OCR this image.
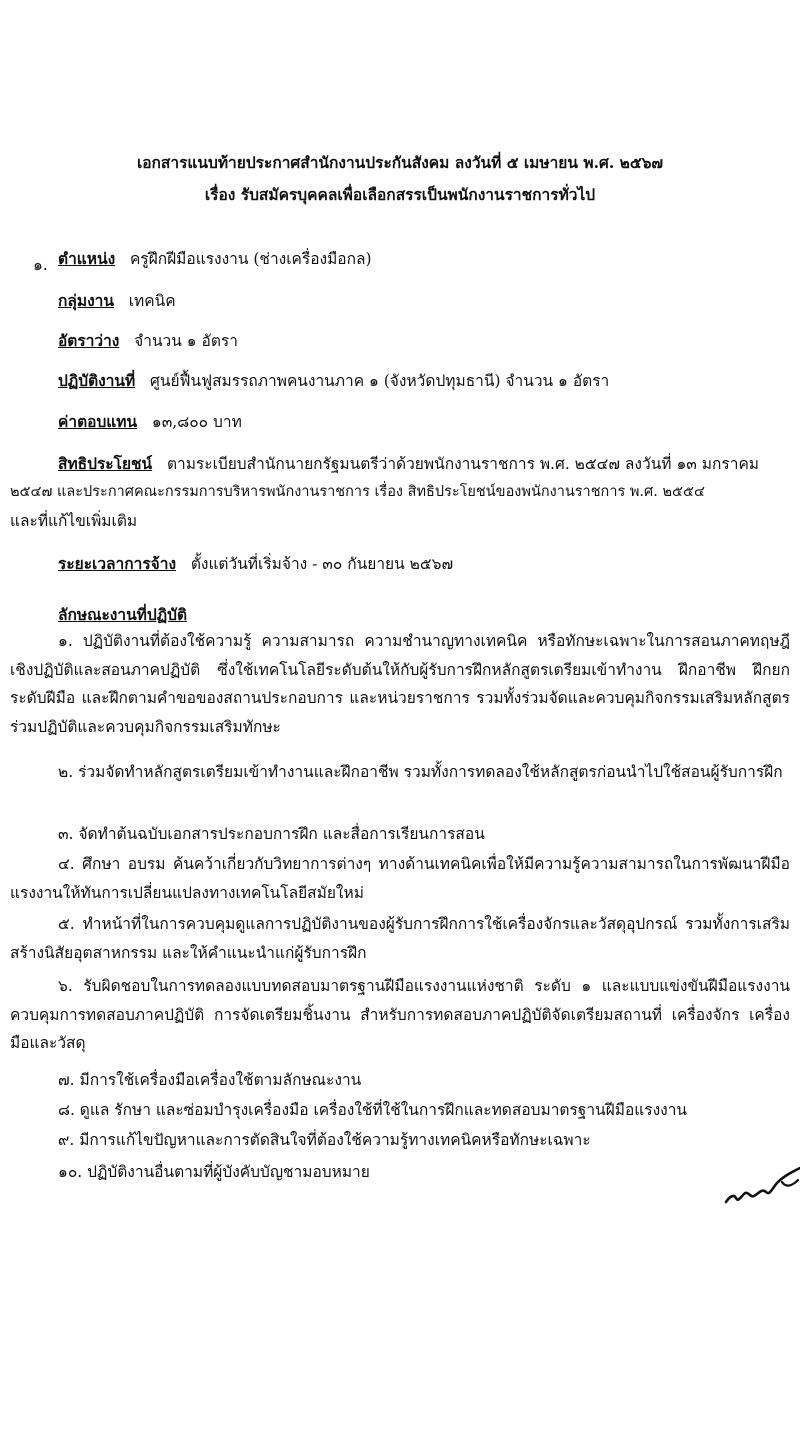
เอกสารแนบท้ายประกาศสำนักงานประกันสังคม ลงวันที่ ๕ เมษายน พ.ศ. ๒๕๖๗
เรื่อง รับสมัครบุคคลเพื่อเลือกสรรเป็นพนักงานราชการทั่วไป
๑. ตำแหน่ง ครูฝึกฝีมือแรงงาน (ช่างเครื่องมือกล)
กลุ่มงาน เทคนิค
อัตราว่าง จำนวน ๑ อัตรา
ปฏิบัติงานที่ ศูนย์ฟื้นฟูสมรรถภาพคนงานภาค ๑ (จังหวัดปทุมธานี) จำนวน ๑ อัตรา
ค่าตอบแทน ๑๓,๘๐๐ บาท
สิทธิประโยชน์ ตามระเบียบสำนักนายกรัฐมนตรีว่าด้วยพนักงานราชการ พ.ศ. ๒๕๔๗ ลงวันที่ ๑๓ มกราคม
๒๕๔๗ และประกาศคณะกรรมการบริหารพนักงานราชการ เรื่อง สิทธิประโยชน์ของพนักงานราชการ พ.ศ. ๒๕๕๔
และที่แก้ไขเพิ่มเติม
ระยะเวลาการจ้าง ตั้งแต่วันที่เริ่มจ้าง - ๓๐ กันยายน ๒๕๖๗
ลักษณะงานที่ปฏิบัติ
๑. ปฏิบัติงานที่ต้องใช้ความรู้ ความสามารถ ความชำนาญทางเทคนิค หรือทักษะเฉพาะในการสอนภาคทฤษฎี เชิงปฏิบัติและสอนภาคปฏิบัติ ซึ่งใช้เทคโนโลยีระดับต้นให้กับผู้รับการฝึกหลักสูตรเตรียมเข้าทำงาน ฝึกอาชีพ ฝึกยกระดับฝีมือ และฝึกตามคำขอของสถานประกอบการ และหน่วยราชการ รวมทั้งร่วมจัดและควบคุมกิจกรรมเสริมหลักสูตร ร่วมปฏิบัติและควบคุมกิจกรรมเสริมทักษะ
๒. ร่วมจัดทำหลักสูตรเตรียมเข้าทำงานและฝึกอาชีพ รวมทั้งการทดลองใช้หลักสูตรก่อนนำไปใช้สอนผู้รับการฝึก
๓. จัดทำต้นฉบับเอกสารประกอบการฝึก และสื่อการเรียนการสอน
๔. ศึกษา อบรม ค้นคว้าเกี่ยวกับวิทยาการต่างๆ ทางด้านเทคนิคเพื่อให้มีความรู้ความสามารถในการพัฒนาฝีมือแรงงานให้ทันการเปลี่ยนแปลงทางเทคโนโลยีสมัยใหม่
๕. ทำหน้าที่ในการควบคุมดูแลการปฏิบัติงานของผู้รับการฝึกการใช้เครื่องจักรและวัสดุอุปกรณ์ รวมทั้งการเสริมสร้างนิสัยอุตสาหกรรม และให้คำแนะนำแก่ผู้รับการฝึก
๖. รับผิดชอบในการทดลองแบบทดสอบมาตรฐานฝีมือแรงงานแห่งชาติ ระดับ ๑ และแบบแข่งขันฝีมือแรงงาน ควบคุมการทดสอบภาคปฏิบัติ การจัดเตรียมชิ้นงาน สำหรับการทดสอบภาคปฏิบัติจัดเตรียมสถานที่ เครื่องจักร เครื่องมือและวัสดุ
๗. มีการใช้เครื่องมือเครื่องใช้ตามลักษณะงาน
๘. ดูแล รักษา และซ่อมบำรุงเครื่องมือ เครื่องใช้ที่ใช้ในการฝึกและทดสอบมาตรฐานฝีมือแรงงาน
๙. มีการแก้ไขปัญหาและการตัดสินใจที่ต้องใช้ความรู้ทางเทคนิคหรือทักษะเฉพาะ
๑๐. ปฏิบัติงานอื่นตามที่ผู้บังคับบัญชามอบหมาย
